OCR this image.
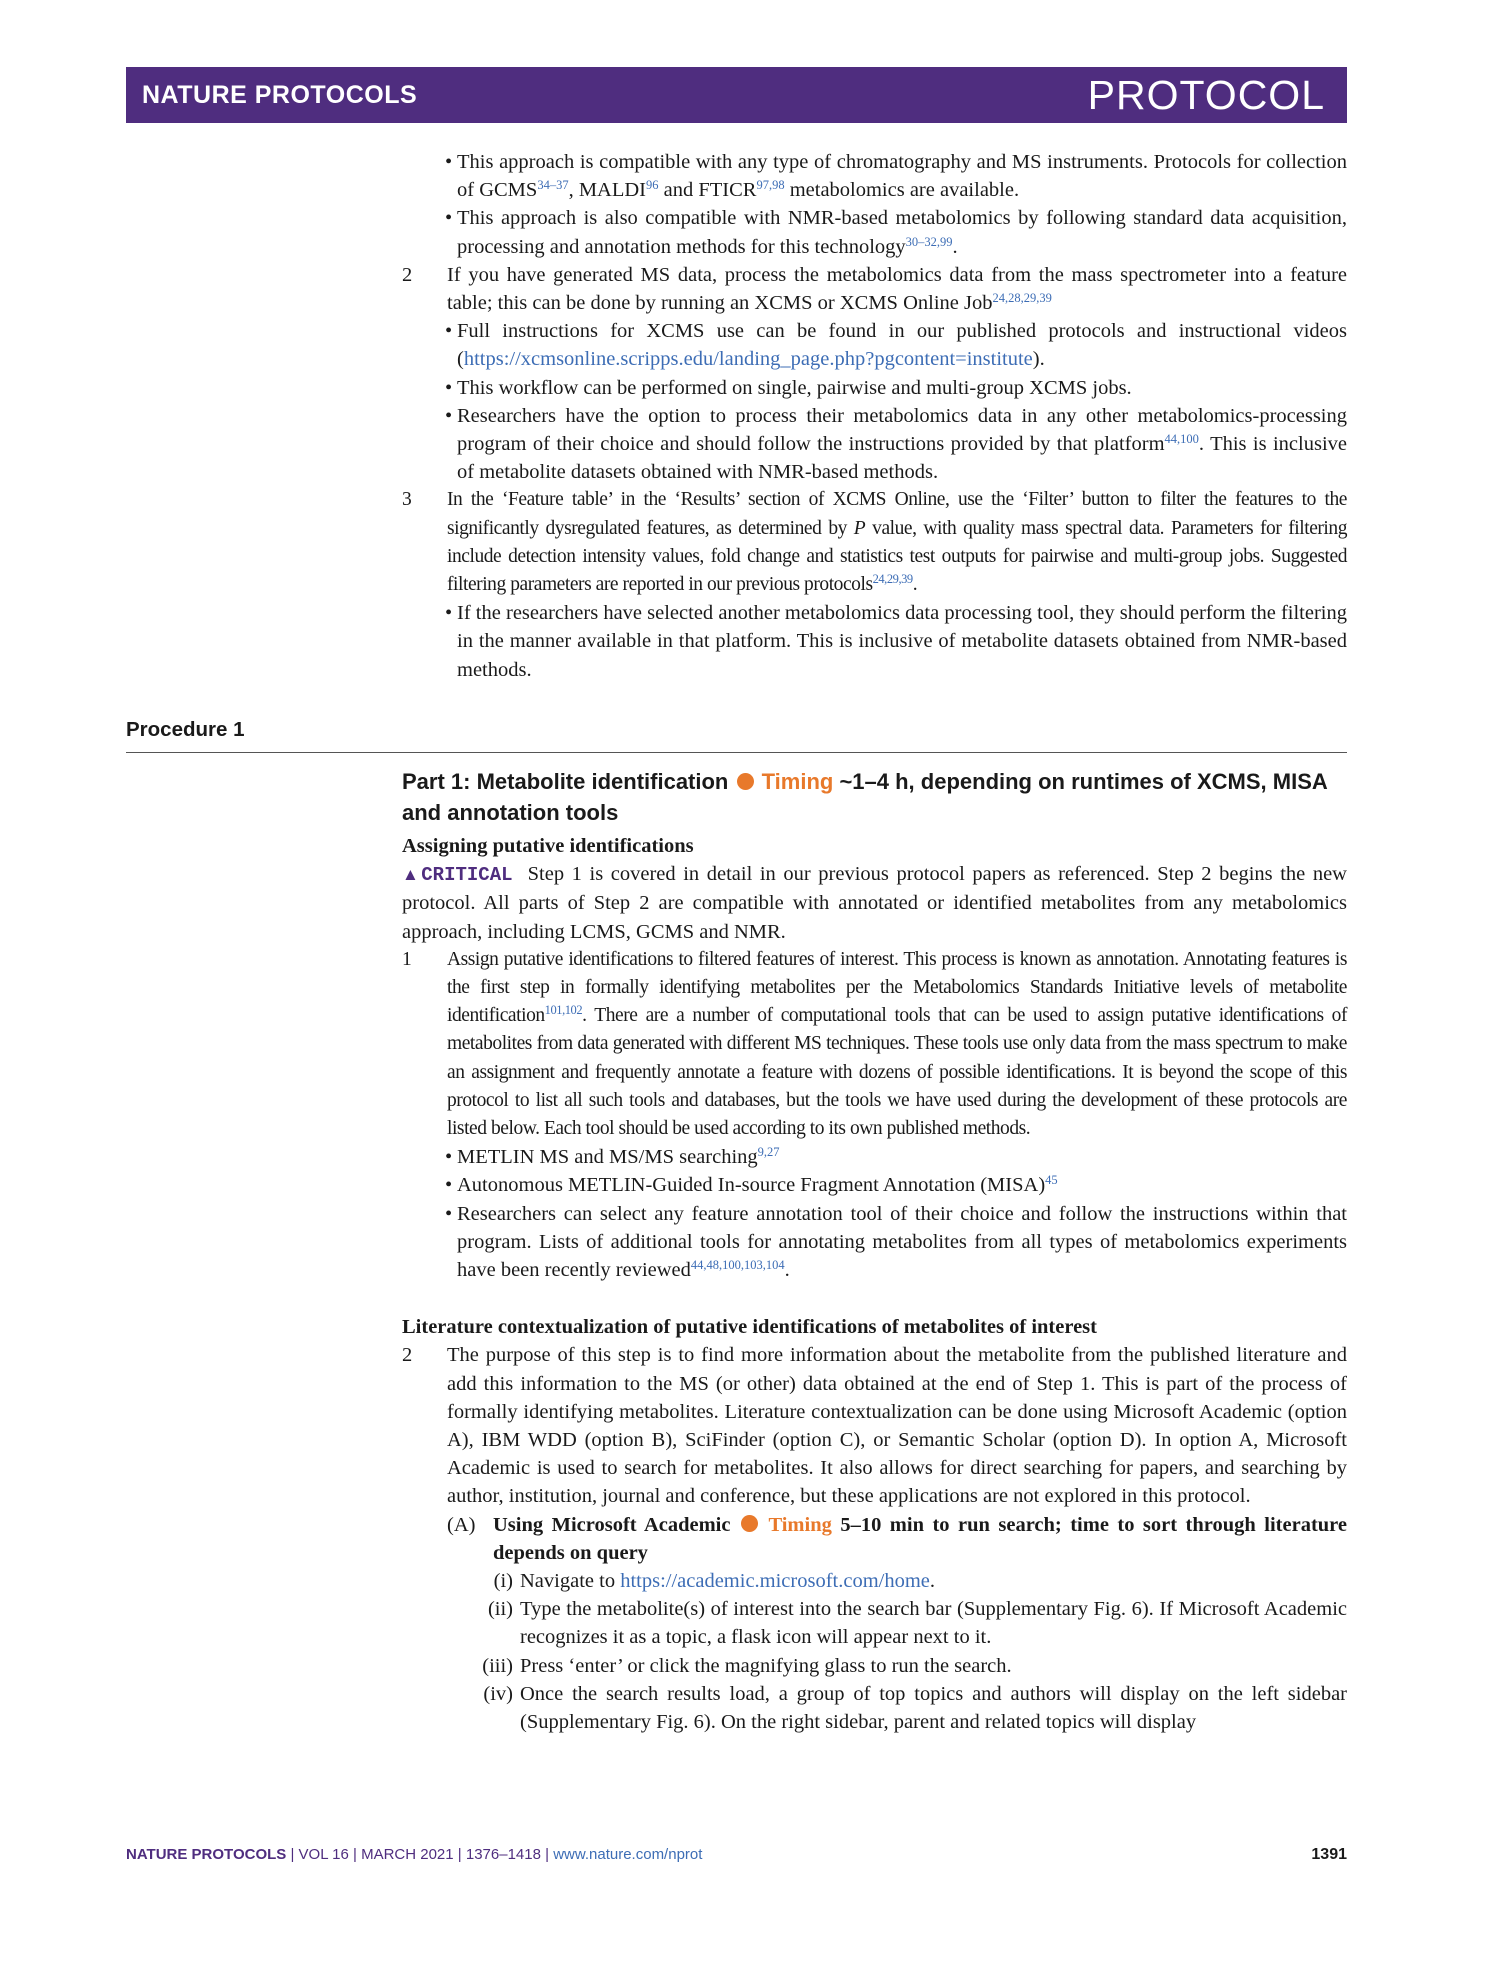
NATURE PROTOCOLS	PROTOCOL

• This approach is compatible with any type of chromatography and MS instruments. Protocols for collection of GCMS$^{34-37}$, MALDI$^{96}$ and FTICR$^{97,98}$ metabolomics are available.

• This approach is also compatible with NMR-based metabolomics by following standard data acquisition, processing and annotation methods for this technology$^{30-32,99}$.

2 If you have generated MS data, process the metabolomics data from the mass spectrometer into a feature table; this can be done by running an XCMS or XCMS Online Job$^{24,28,29,39}$

• Full instructions for XCMS use can be found in our published protocols and instructional videos (https://xcmsonline.scripps.edu/landing_page.php?pgcontent=institute).

• This workflow can be performed on single, pairwise and multi-group XCMS jobs.

• Researchers have the option to process their metabolomics data in any other metabolomics-processing program of their choice and should follow the instructions provided by that platform$^{44,100}$. This is inclusive of metabolite datasets obtained with NMR-based methods.

3 In the ‘Feature table’ in the ‘Results’ section of XCMS Online, use the ‘Filter’ button to filter the features to the significantly dysregulated features, as determined by P value, with quality mass spectral data. Parameters for filtering include detection intensity values, fold change and statistics test outputs for pairwise and multi-group jobs. Suggested filtering parameters are reported in our previous protocols$^{24,29,39}$.

• If the researchers have selected another metabolomics data processing tool, they should perform the filtering in the manner available in that platform. This is inclusive of metabolite datasets obtained from NMR-based methods.

Procedure 1

Part 1: Metabolite identification Timing ~1–4 h, depending on runtimes of XCMS, MISA and annotation tools

Assigning putative identifications

▲CRITICAL Step 1 is covered in detail in our previous protocol papers as referenced. Step 2 begins the new protocol. All parts of Step 2 are compatible with annotated or identified metabolites from any metabolomics approach, including LCMS, GCMS and NMR.

1 Assign putative identifications to filtered features of interest. This process is known as annotation. Annotating features is the first step in formally identifying metabolites per the Metabolomics Standards Initiative levels of metabolite identification$^{101,102}$. There are a number of computational tools that can be used to assign putative identifications of metabolites from data generated with different MS techniques. These tools use only data from the mass spectrum to make an assignment and frequently annotate a feature with dozens of possible identifications. It is beyond the scope of this protocol to list all such tools and databases, but the tools we have used during the development of these protocols are listed below. Each tool should be used according to its own published methods.

• METLIN MS and MS/MS searching$^{9,27}$

• Autonomous METLIN-Guided In-source Fragment Annotation (MISA)$^{45}$

• Researchers can select any feature annotation tool of their choice and follow the instructions within that program. Lists of additional tools for annotating metabolites from all types of metabolomics experiments have been recently reviewed$^{44,48,100,103,104}$.

Literature contextualization of putative identifications of metabolites of interest

2 The purpose of this step is to find more information about the metabolite from the published literature and add this information to the MS (or other) data obtained at the end of Step 1. This is part of the process of formally identifying metabolites. Literature contextualization can be done using Microsoft Academic (option A), IBM WDD (option B), SciFinder (option C), or Semantic Scholar (option D). In option A, Microsoft Academic is used to search for metabolites. It also allows for direct searching for papers, and searching by author, institution, journal and conference, but these applications are not explored in this protocol.

(A) Using Microsoft Academic Timing 5–10 min to run search; time to sort through literature depends on query

(i) Navigate to https://academic.microsoft.com/home.

(ii) Type the metabolite(s) of interest into the search bar (Supplementary Fig. 6). If Microsoft Academic recognizes it as a topic, a flask icon will appear next to it.

(iii) Press ‘enter’ or click the magnifying glass to run the search.

(iv) Once the search results load, a group of top topics and authors will display on the left sidebar (Supplementary Fig. 6). On the right sidebar, parent and related topics will display

NATURE PROTOCOLS | VOL 16 | MARCH 2021 | 1376–1418 | www.nature.com/nprot	1391
